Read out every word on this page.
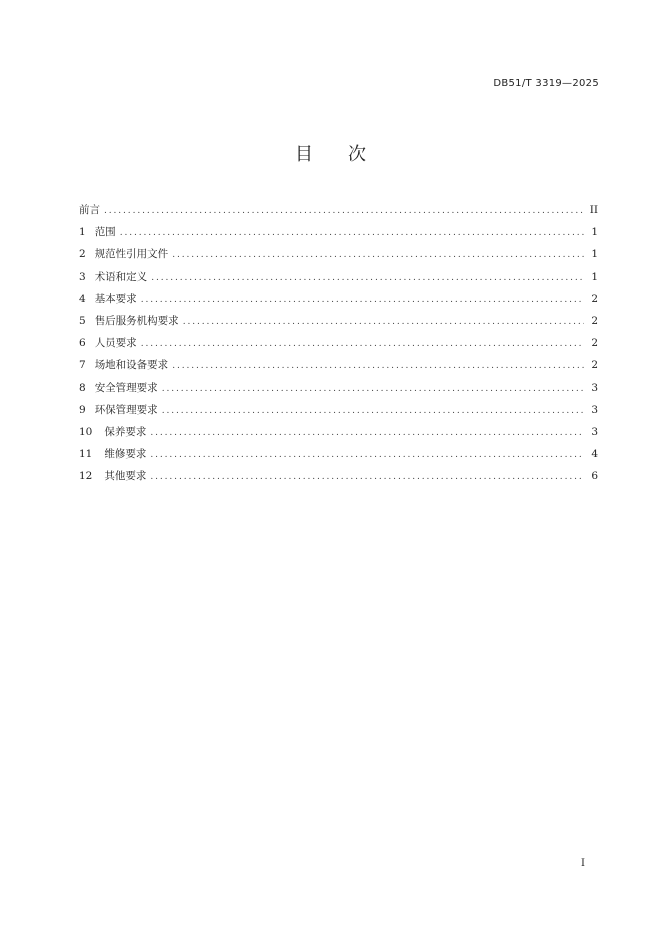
DB51/T 3319—2025
目 次
前言 .....	II
1 范围 .....	1
2 规范性引用文件 .....	1
3 术语和定义 .....	1
4 基本要求 .....	2
5 售后服务机构要求 .....	2
6 人员要求 .....	2
7 场地和设备要求 .....	2
8 安全管理要求 .....	3
9 环保管理要求 .....	3
10	保养要求 .....	3
11	维修要求 .....	4
12	其他要求 .....	6
I
